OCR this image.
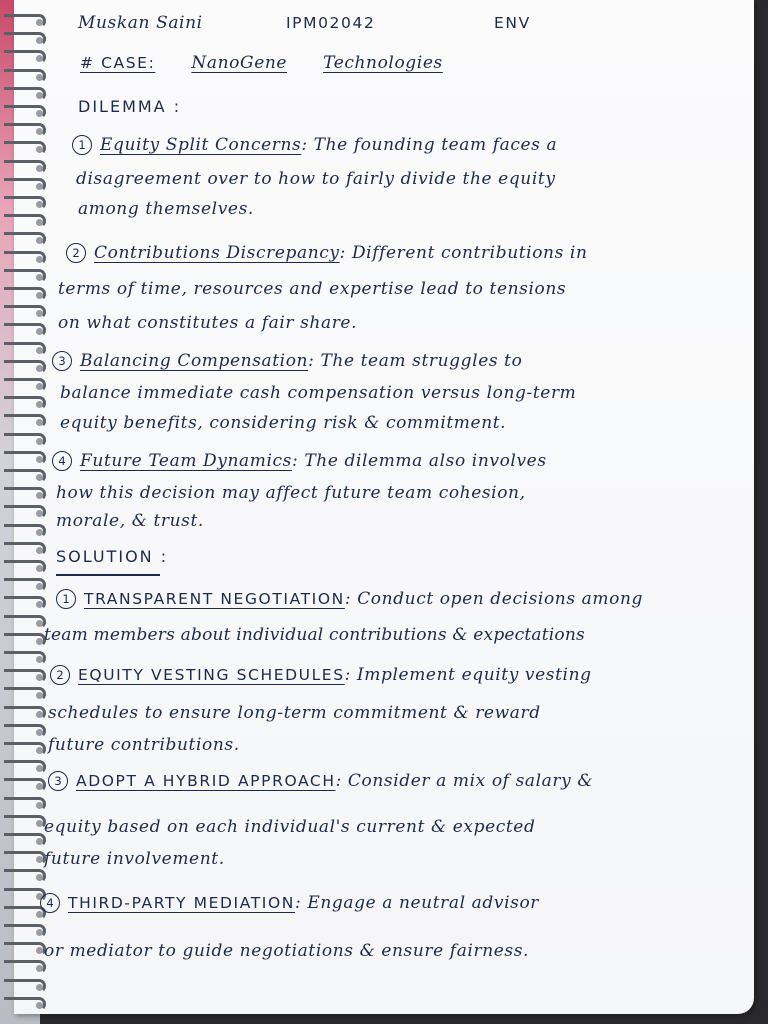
Muskan Saini	IPM02042	ENV
# CASE: NanoGene Technologies
DILEMMA :
1 Equity Split Concerns: The founding team faces a
disagreement over to how to fairly divide the equity
among themselves.
2 Contributions Discrepancy: Different contributions in
terms of time, resources and expertise lead to tensions
on what constitutes a fair share.
3 Balancing Compensation: The team struggles to
balance immediate cash compensation versus long-term
equity benefits, considering risk & commitment.
4 Future Team Dynamics: The dilemma also involves
how this decision may affect future team cohesion,
morale, & trust.
SOLUTION :
1 TRANSPARENT NEGOTIATION: Conduct open decisions among
team members about individual contributions & expectations
2 EQUITY VESTING SCHEDULES: Implement equity vesting
schedules to ensure long-term commitment & reward
future contributions.
3 ADOPT A HYBRID APPROACH: Consider a mix of salary &
equity based on each individual's current & expected
future involvement.
4 THIRD-PARTY MEDIATION: Engage a neutral advisor
or mediator to guide negotiations & ensure fairness.
